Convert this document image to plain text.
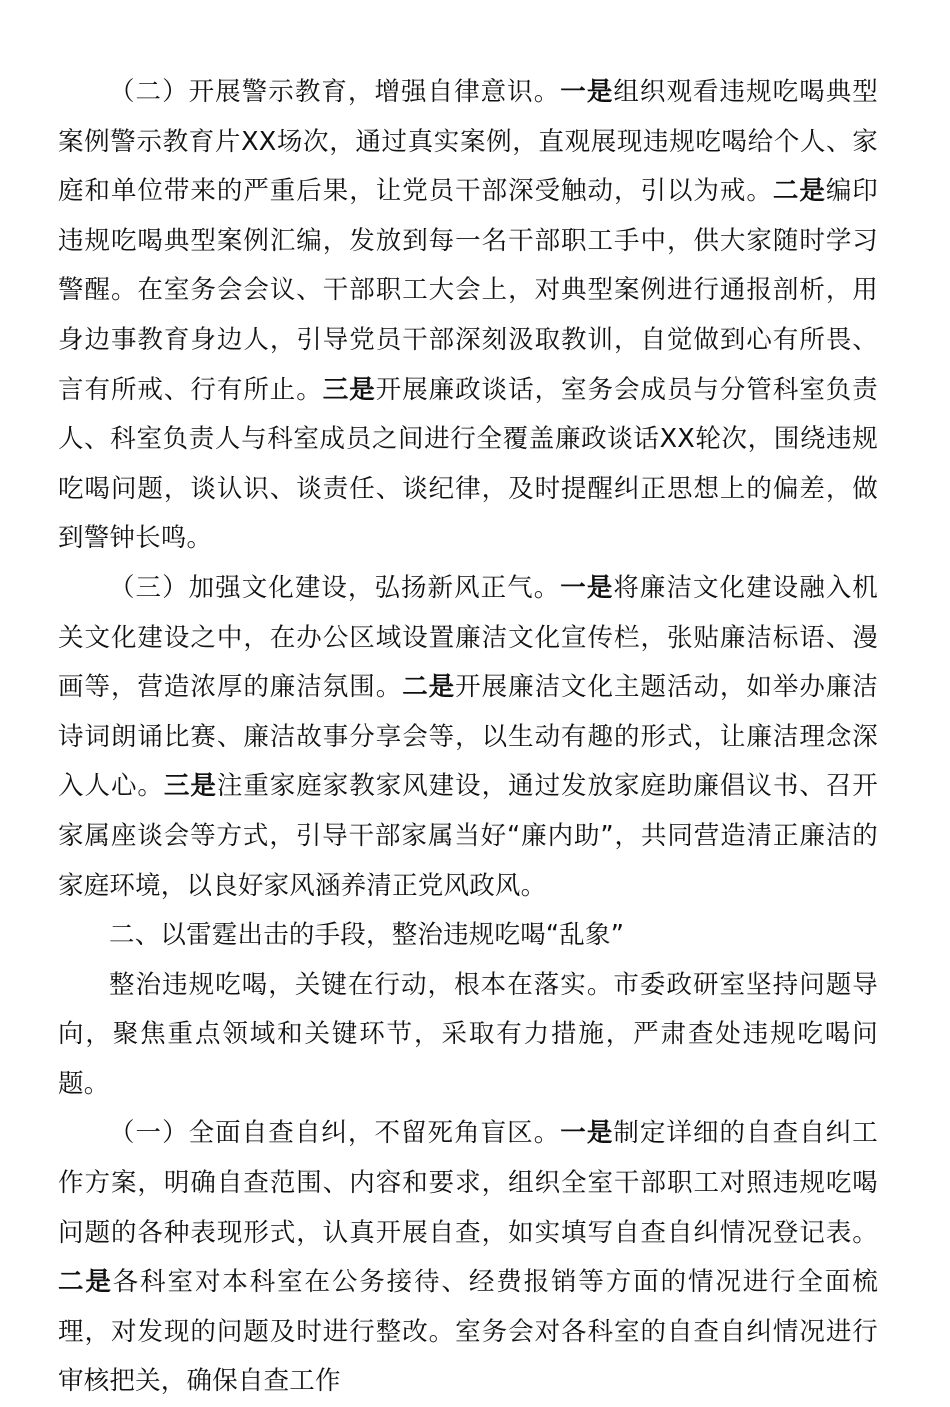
（二）开展警示教育，增强自律意识。一是组织观看违规吃喝典型案例警示教育片XX场次，通过真实案例，直观展现违规吃喝给个人、家庭和单位带来的严重后果，让党员干部深受触动，引以为戒。二是编印违规吃喝典型案例汇编，发放到每一名干部职工手中，供大家随时学习警醒。在室务会会议、干部职工大会上，对典型案例进行通报剖析，用身边事教育身边人，引导党员干部深刻汲取教训，自觉做到心有所畏、言有所戒、行有所止。三是开展廉政谈话，室务会成员与分管科室负责人、科室负责人与科室成员之间进行全覆盖廉政谈话XX轮次，围绕违规吃喝问题，谈认识、谈责任、谈纪律，及时提醒纠正思想上的偏差，做到警钟长鸣。

（三）加强文化建设，弘扬新风正气。一是将廉洁文化建设融入机关文化建设之中，在办公区域设置廉洁文化宣传栏，张贴廉洁标语、漫画等，营造浓厚的廉洁氛围。二是开展廉洁文化主题活动，如举办廉洁诗词朗诵比赛、廉洁故事分享会等，以生动有趣的形式，让廉洁理念深入人心。三是注重家庭家教家风建设，通过发放家庭助廉倡议书、召开家属座谈会等方式，引导干部家属当好“廉内助”，共同营造清正廉洁的家庭环境，以良好家风涵养清正党风政风。

二、以雷霆出击的手段，整治违规吃喝“乱象”

整治违规吃喝，关键在行动，根本在落实。市委政研室坚持问题导向，聚焦重点领域和关键环节，采取有力措施，严肃查处违规吃喝问题。

（一）全面自查自纠，不留死角盲区。一是制定详细的自查自纠工作方案，明确自查范围、内容和要求，组织全室干部职工对照违规吃喝问题的各种表现形式，认真开展自查，如实填写自查自纠情况登记表。二是各科室对本科室在公务接待、经费报销等方面的情况进行全面梳理，对发现的问题及时进行整改。室务会对各科室的自查自纠情况进行审核把关，确保自查工作
